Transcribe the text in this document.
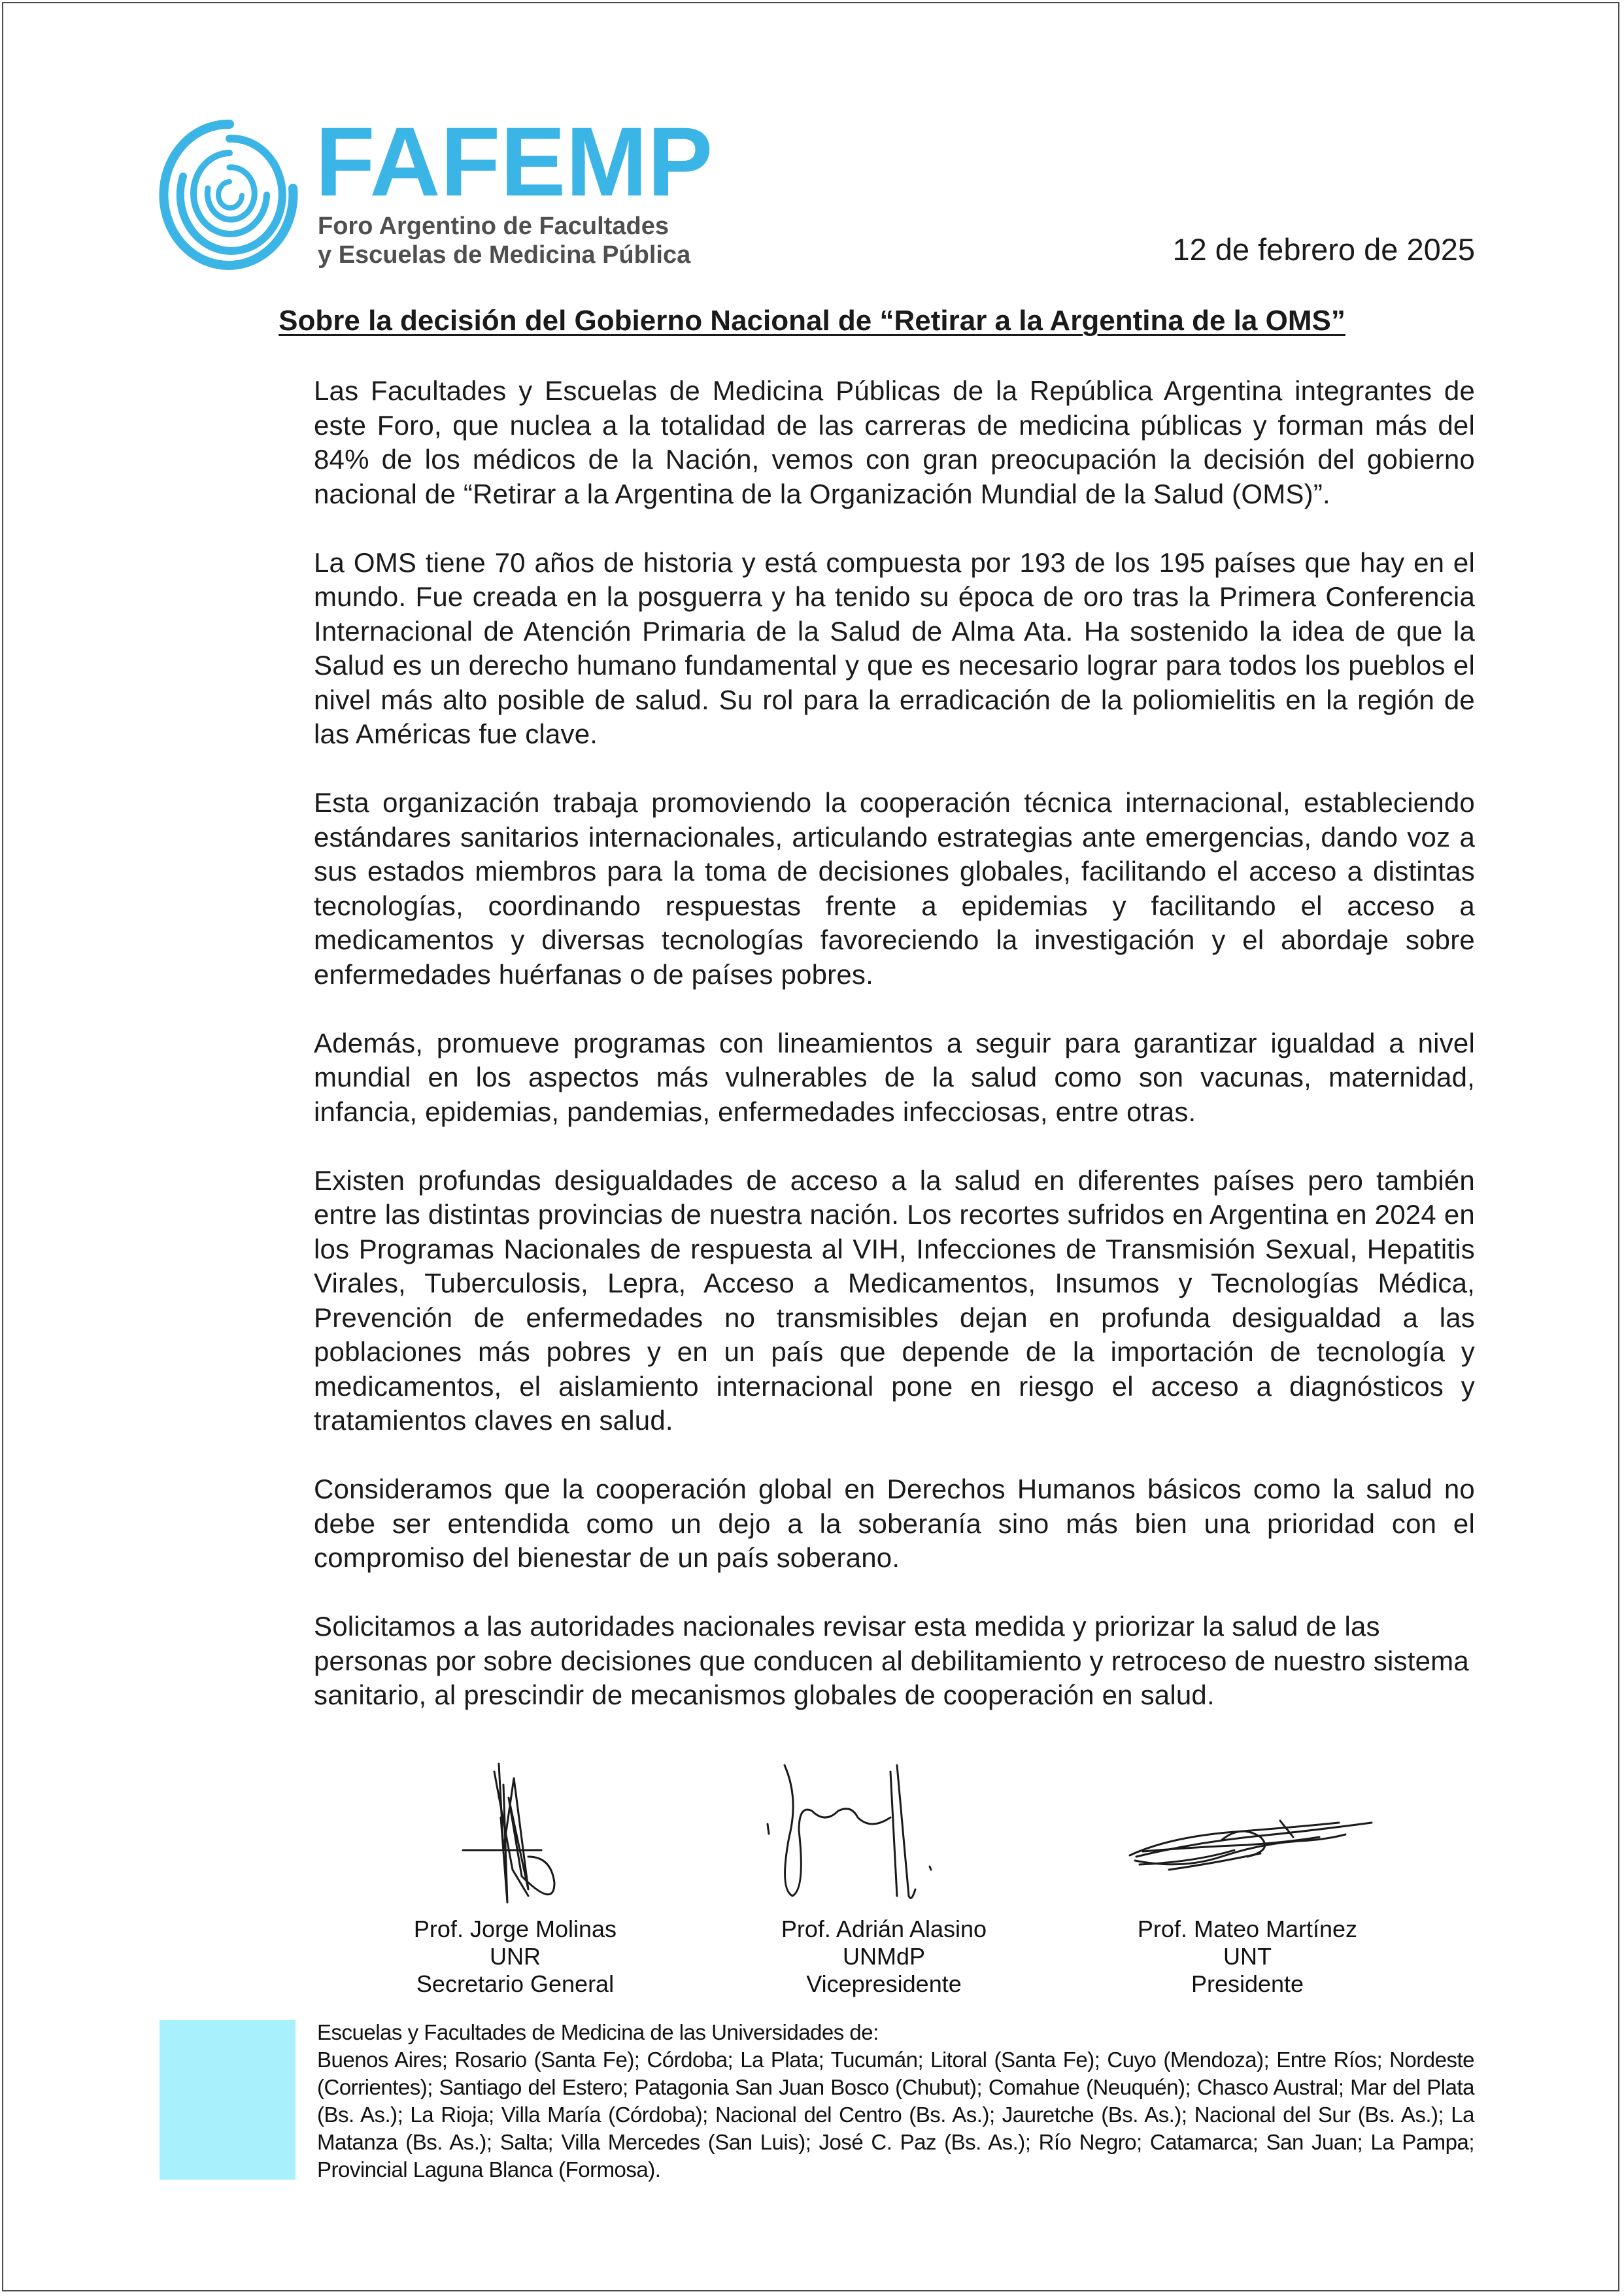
FAFEMP
Foro Argentino de Facultades
y Escuelas de Medicina Pública	12 de febrero de 2025
Sobre la decisión del Gobierno Nacional de “Retirar a la Argentina de la OMS”

Las Facultades y Escuelas de Medicina Públicas de la República Argentina integrantes de este Foro, que nuclea a la totalidad de las carreras de medicina públicas y forman más del 84% de los médicos de la Nación, vemos con gran preocupación la decisión del gobierno nacional de “Retirar a la Argentina de la Organización Mundial de la Salud (OMS)”.

La OMS tiene 70 años de historia y está compuesta por 193 de los 195 países que hay en el mundo. Fue creada en la posguerra y ha tenido su época de oro tras la Primera Conferencia Internacional de Atención Primaria de la Salud de Alma Ata. Ha sostenido la idea de que la Salud es un derecho humano fundamental y que es necesario lograr para todos los pueblos el nivel más alto posible de salud. Su rol para la erradicación de la poliomielitis en la región de las Américas fue clave.

Esta organización trabaja promoviendo la cooperación técnica internacional, estableciendo estándares sanitarios internacionales, articulando estrategias ante emergencias, dando voz a sus estados miembros para la toma de decisiones globales, facilitando el acceso a distintas tecnologías, coordinando respuestas frente a epidemias y facilitando el acceso a medicamentos y diversas tecnologías favoreciendo la investigación y el abordaje sobre enfermedades huérfanas o de países pobres.

Además, promueve programas con lineamientos a seguir para garantizar igualdad a nivel mundial en los aspectos más vulnerables de la salud como son vacunas, maternidad, infancia, epidemias, pandemias, enfermedades infecciosas, entre otras.

Existen profundas desigualdades de acceso a la salud en diferentes países pero también entre las distintas provincias de nuestra nación. Los recortes sufridos en Argentina en 2024 en los Programas Nacionales de respuesta al VIH, Infecciones de Transmisión Sexual, Hepatitis Virales, Tuberculosis, Lepra, Acceso a Medicamentos, Insumos y Tecnologías Médica, Prevención de enfermedades no transmisibles dejan en profunda desigualdad a las poblaciones más pobres y en un país que depende de la importación de tecnología y medicamentos, el aislamiento internacional pone en riesgo el acceso a diagnósticos y tratamientos claves en salud.

Consideramos que la cooperación global en Derechos Humanos básicos como la salud no debe ser entendida como un dejo a la soberanía sino más bien una prioridad con el compromiso del bienestar de un país soberano.

Solicitamos a las autoridades nacionales revisar esta medida y priorizar la salud de las personas por sobre decisiones que conducen al debilitamiento y retroceso de nuestro sistema sanitario, al prescindir de mecanismos globales de cooperación en salud.

Prof. Jorge Molinas
UNR
Secretario General
Prof. Adrián Alasino
UNMdP
Vicepresidente
Prof. Mateo Martínez
UNT
Presidente
Escuelas y Facultades de Medicina de las Universidades de:
Buenos Aires; Rosario (Santa Fe); Córdoba; La Plata; Tucumán; Litoral (Santa Fe); Cuyo (Mendoza); Entre Ríos; Nordeste (Corrientes); Santiago del Estero; Patagonia San Juan Bosco (Chubut); Comahue (Neuquén); Chasco Austral; Mar del Plata (Bs. As.); La Rioja; Villa María (Córdoba); Nacional del Centro (Bs. As.); Jauretche (Bs. As.); Nacional del Sur (Bs. As.); La Matanza (Bs. As.); Salta; Villa Mercedes (San Luis); José C. Paz (Bs. As.); Río Negro; Catamarca; San Juan; La Pampa; Provincial Laguna Blanca (Formosa).
